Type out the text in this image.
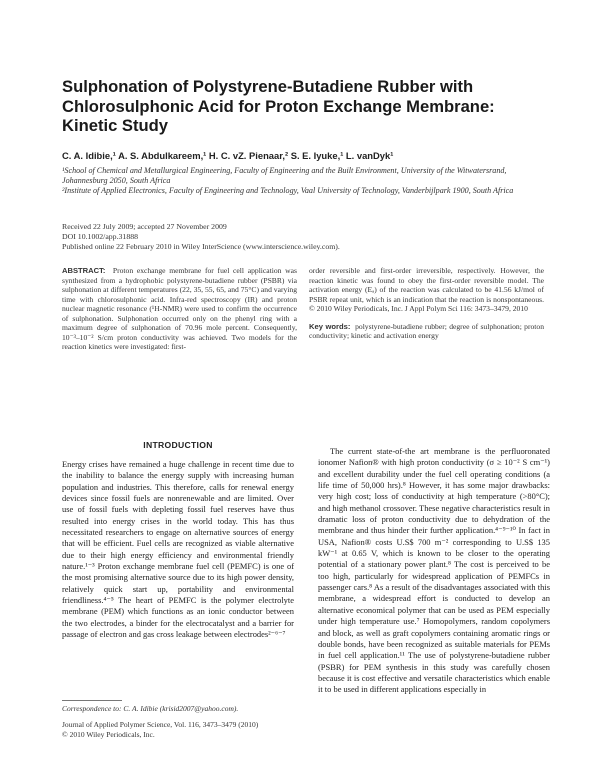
Sulphonation of Polystyrene-Butadiene Rubber with Chlorosulphonic Acid for Proton Exchange Membrane: Kinetic Study
C. A. Idibie,¹ A. S. Abdulkareem,¹ H. C. vZ. Pienaar,² S. E. Iyuke,¹ L. vanDyk¹

¹School of Chemical and Metallurgical Engineering, Faculty of Engineering and the Built Environment, University of the Witwatersrand, Johannesburg 2050, South Africa

²Institute of Applied Electronics, Faculty of Engineering and Technology, Vaal University of Technology, Vanderbijlpark 1900, South Africa

Received 22 July 2009; accepted 27 November 2009

DOI 10.1002/app.31888

Published online 22 February 2010 in Wiley InterScience (www.interscience.wiley.com).

ABSTRACT: Proton exchange membrane for fuel cell application was synthesized from a hydrophobic polystyrene-butadiene rubber (PSBR) via sulphonation at different temperatures (22, 35, 55, 65, and 75°C) and varying time with chlorosulphonic acid. Infra-red spectroscopy (IR) and proton nuclear magnetic resonance (¹H-NMR) were used to confirm the occurrence of sulphonation. Sulphonation occurred only on the phenyl ring with a maximum degree of sulphonation of 70.96 mole percent. Consequently, 10⁻³–10⁻² S/cm proton conductivity was achieved. Two models for the reaction kinetics were investigated: first-

order reversible and first-order irreversible, respectively. However, the reaction kinetic was found to obey the first-order reversible model. The activation energy (Eₐ) of the reaction was calculated to be 41.56 kJ/mol of PSBR repeat unit, which is an indication that the reaction is nonspontaneous. © 2010 Wiley Periodicals, Inc. J Appl Polym Sci 116: 3473–3479, 2010

Key words: polystyrene-butadiene rubber; degree of sulphonation; proton conductivity; kinetic and activation energy

INTRODUCTION

Energy crises have remained a huge challenge in recent time due to the inability to balance the energy supply with increasing human population and industries. This therefore, calls for renewal energy devices since fossil fuels are nonrenewable and are limited. Over use of fossil fuels with depleting fossil fuel reserves have thus resulted into energy crises in the world today. This has thus necessitated researchers to engage on alternative sources of energy that will be efficient. Fuel cells are recognized as viable alternative due to their high energy efficiency and environmental friendly nature.¹⁻³ Proton exchange membrane fuel cell (PEMFC) is one of the most promising alternative source due to its high power density, relatively quick start up, portability and environmental friendliness.⁴⁻⁵ The heart of PEMFC is the polymer electrolyte membrane (PEM) which functions as an ionic conductor between the two electrodes, a binder for the electrocatalyst and a barrier for passage of electron and gas cross leakage between electrodes²⁻⁶⁻⁷

The current state-of-the art membrane is the perfluoronated ionomer Nafion® with high proton conductivity (σ ≥ 10⁻² S cm⁻¹) and excellent durability under the fuel cell operating conditions (a life time of 50,000 hrs).⁸ However, it has some major drawbacks: very high cost; loss of conductivity at high temperature (>80°C); and high methanol crossover. These negative characteristics result in dramatic loss of proton conductivity due to dehydration of the membrane and thus hinder their further application.⁴⁻⁹⁻¹⁰ In fact in USA, Nafion® costs U.S$ 700 m⁻² corresponding to U.S$ 135 kW⁻¹ at 0.65 V, which is known to be closer to the operating potential of a stationary power plant.⁸ The cost is perceived to be too high, particularly for widespread application of PEMFCs in passenger cars.⁸ As a result of the disadvantages associated with this membrane, a widespread effort is conducted to develop an alternative economical polymer that can be used as PEM especially under high temperature use.⁷ Homopolymers, random copolymers and block, as well as graft copolymers containing aromatic rings or double bonds, have been recognized as suitable materials for PEMs in fuel cell application.¹¹ The use of polystyrene-butadiene rubber (PSBR) for PEM synthesis in this study was carefully chosen because it is cost effective and versatile characteristics which enable it to be used in different applications especially in

Correspondence to: C. A. Idibie (krisid2007@yahoo.com).

Journal of Applied Polymer Science, Vol. 116, 3473–3479 (2010)

© 2010 Wiley Periodicals, Inc.
